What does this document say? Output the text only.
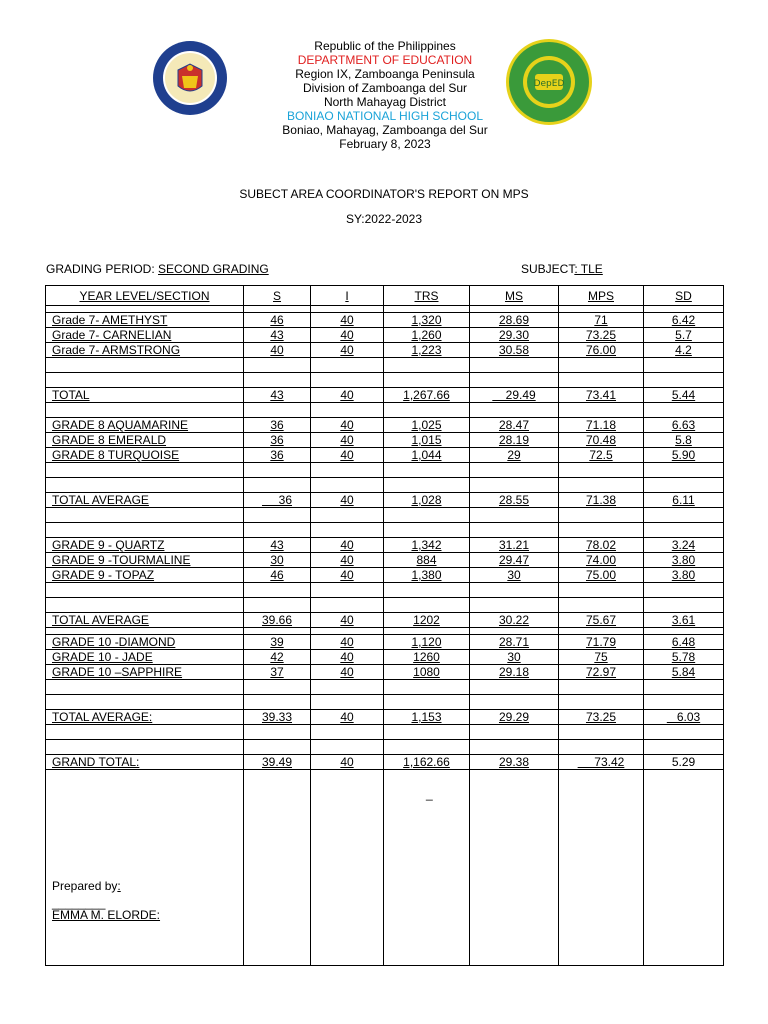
DepED
Republic of the Philippines
DEPARTMENT OF EDUCATION
Region IX, Zamboanga Peninsula
Division of Zamboanga del Sur
North Mahayag District
BONIAO NATIONAL HIGH SCHOOL
Boniao, Mahayag, Zamboanga del Sur
February 8, 2023
SUBECT AREA COORDINATOR'S REPORT ON MPS
SY:2022-2023
GRADING PERIOD: SECOND GRADING	SUBJECT: TLE
YEAR LEVEL/SECTION	S	I	TRS	MS	MPS	SD

Grade 7- AMETHYST	46	40	1,320	28.69	71	6.42
Grade 7- CARNELIAN	43	40	1,260	29.30	73.25	5.7
Grade 7- ARMSTRONG	40	40	1,223	30.58	76.00	4.2

TOTAL	43	40	1,267.66	29.49	73.41	5.44

GRADE 8 AQUAMARINE	36	40	1,025	28.47	71.18	6.63
GRADE 8 EMERALD	36	40	1,015	28.19	70.48	5.8
GRADE 8 TURQUOISE	36	40	1,044	29	72.5	5.90

TOTAL AVERAGE	36	40	1,028	28.55	71.38	6.11

GRADE 9 - QUARTZ	43	40	1,342	31.21	78.02	3.24
GRADE 9 -TOURMALINE	30	40	884	29.47	74.00	3.80
GRADE 9 - TOPAZ	46	40	1,380	30	75.00	3.80

TOTAL AVERAGE	39.66	40	1202	30.22	75.67	3.61

GRADE 10 -DIAMOND	39	40	1,120	28.71	71.79	6.48
GRADE 10 - JADE	42	40	1260	30	75	5.78
GRADE 10 –SAPPHIRE	37	40	1080	29.18	72.97	5.84

TOTAL AVERAGE:	39.33	40	1,153	29.29	73.25	6.03

GRAND TOTAL:	39.49	40	1,162.66	29.38	73.42	5.29

_
Prepared by:
________
EMMA M. ELORDE:
